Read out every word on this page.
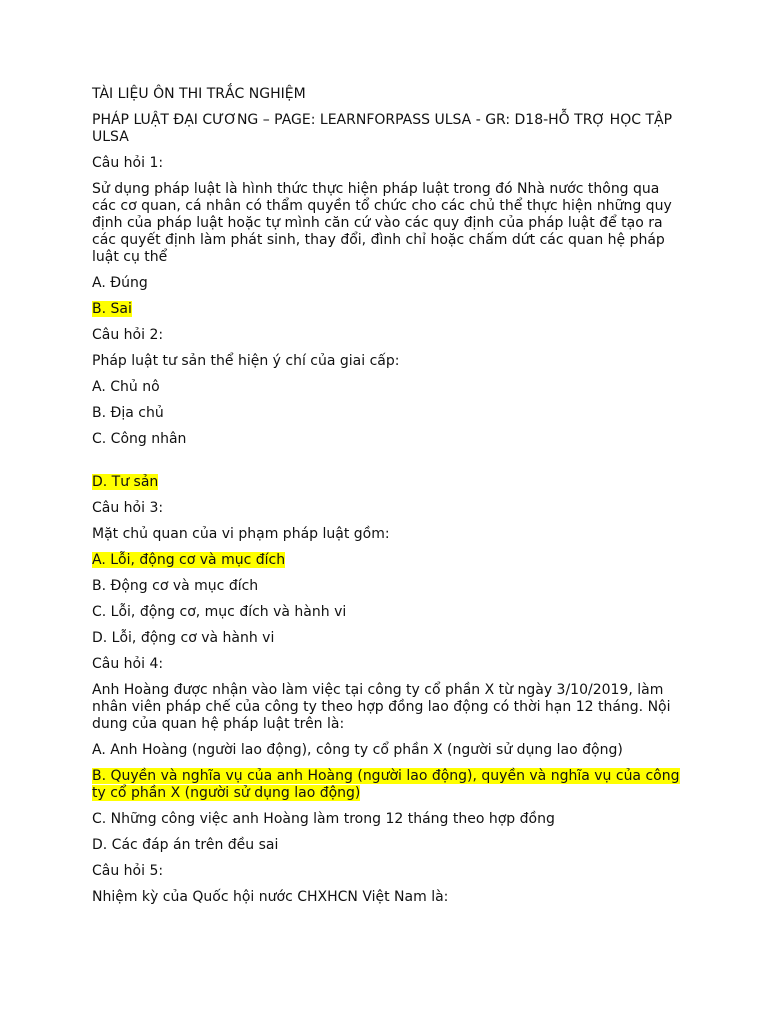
TÀI LIỆU ÔN THI TRẮC NGHIỆM

PHÁP LUẬT ĐẠI CƯƠNG – PAGE: LEARNFORPASS ULSA - GR: D18-HỖ TRỢ HỌC TẬP ULSA

Câu hỏi 1:

Sử dụng pháp luật là hình thức thực hiện pháp luật trong đó Nhà nước thông qua các cơ quan, cá nhân có thẩm quyền tổ chức cho các chủ thể thực hiện những quy định của pháp luật hoặc tự mình căn cứ vào các quy định của pháp luật để tạo ra các quyết định làm phát sinh, thay đổi, đình chỉ hoặc chấm dứt các quan hệ pháp luật cụ thể

A. Đúng

B. Sai

Câu hỏi 2:

Pháp luật tư sản thể hiện ý chí của giai cấp:

A. Chủ nô

B. Địa chủ

C. Công nhân

D. Tư sản

Câu hỏi 3:

Mặt chủ quan của vi phạm pháp luật gồm:

A. Lỗi, động cơ và mục đích

B. Động cơ và mục đích

C. Lỗi, động cơ, mục đích và hành vi

D. Lỗi, động cơ và hành vi

Câu hỏi 4:

Anh Hoàng được nhận vào làm việc tại công ty cổ phần X từ ngày 3/10/2019, làm nhân viên pháp chế của công ty theo hợp đồng lao động có thời hạn 12 tháng. Nội dung của quan hệ pháp luật trên là:

A. Anh Hoàng (người lao động), công ty cổ phần X (người sử dụng lao động)

B. Quyền và nghĩa vụ của anh Hoàng (người lao động), quyền và nghĩa vụ của công ty cổ phần X (người sử dụng lao động)

C. Những công việc anh Hoàng làm trong 12 tháng theo hợp đồng

D. Các đáp án trên đều sai

Câu hỏi 5:

Nhiệm kỳ của Quốc hội nước CHXHCN Việt Nam là:
